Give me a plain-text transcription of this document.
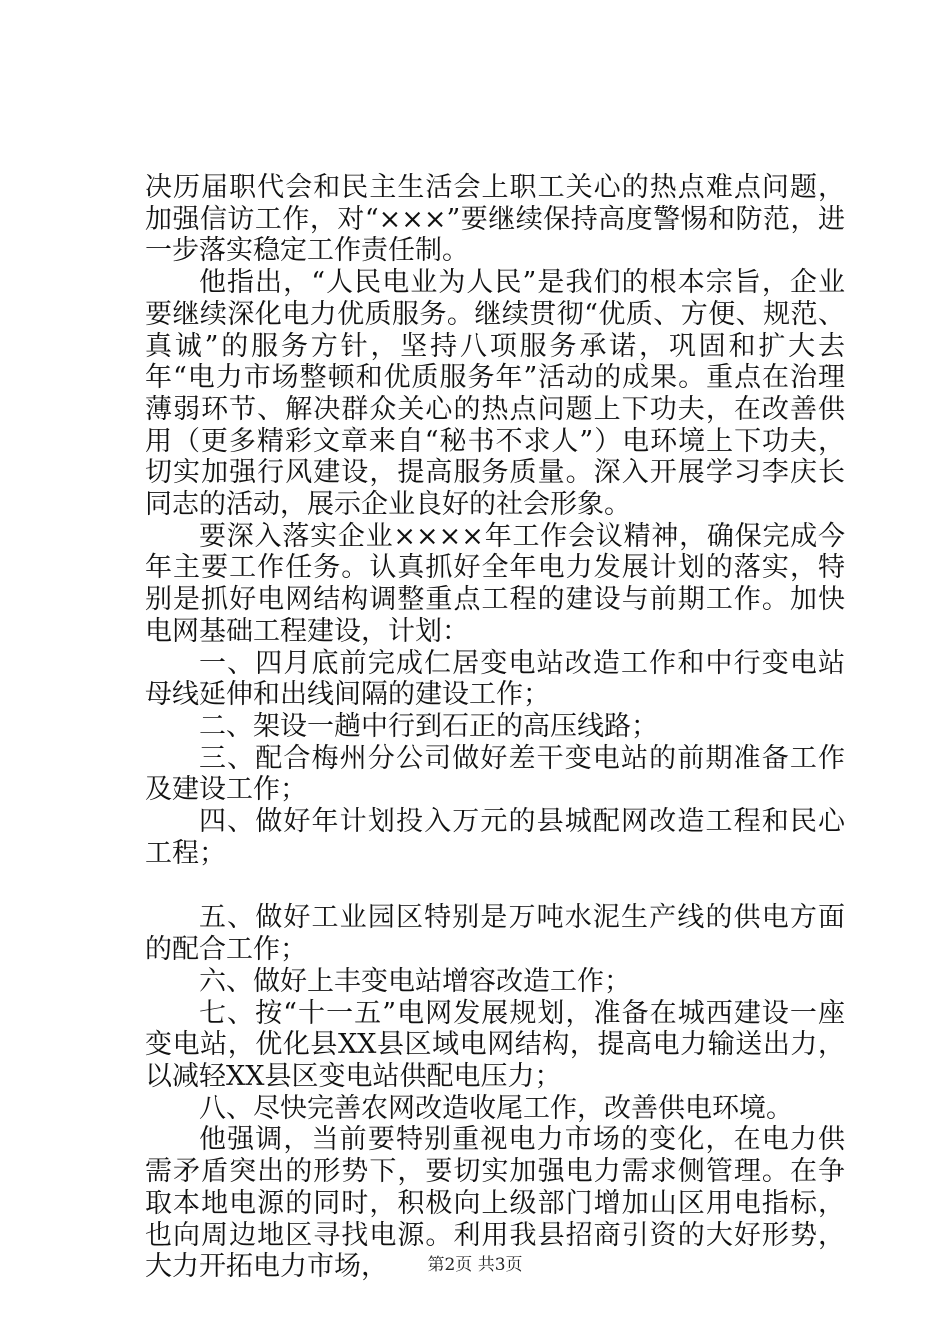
决历届职代会和民主生活会上职工关心的热点难点问题，加强信访工作，对“×××”要继续保持高度警惕和防范，进一步落实稳定工作责任制。

他指出，“人民电业为人民”是我们的根本宗旨，企业要继续深化电力优质服务。继续贯彻“优质、方便、规范、真诚”的服务方针，坚持八项服务承诺，巩固和扩大去年“电力市场整顿和优质服务年”活动的成果。重点在治理薄弱环节、解决群众关心的热点问题上下功夫，在改善供用（更多精彩文章来自“秘书不求人”）电环境上下功夫，切实加强行风建设，提高服务质量。深入开展学习李庆长同志的活动，展示企业良好的社会形象。

要深入落实企业××××年工作会议精神，确保完成今年主要工作任务。认真抓好全年电力发展计划的落实，特别是抓好电网结构调整重点工程的建设与前期工作。加快电网基础工程建设，计划：

一、四月底前完成仁居变电站改造工作和中行变电站母线延伸和出线间隔的建设工作；

二、架设一趟中行到石正的高压线路；

三、配合梅州分公司做好差干变电站的前期准备工作及建设工作；

四、做好年计划投入万元的县城配网改造工程和民心工程；

五、做好工业园区特别是万吨水泥生产线的供电方面的配合工作；

六、做好上丰变电站增容改造工作；

七、按“十一五”电网发展规划，准备在城西建设一座变电站，优化县XX县区域电网结构，提高电力输送出力，以减轻XX县区变电站供配电压力；

八、尽快完善农网改造收尾工作，改善供电环境。

他强调，当前要特别重视电力市场的变化，在电力供需矛盾突出的形势下，要切实加强电力需求侧管理。在争取本地电源的同时，积极向上级部门增加山区用电指标，也向周边地区寻找电源。利用我县招商引资的大好形势，大力开拓电力市场，	第2页 共3页
